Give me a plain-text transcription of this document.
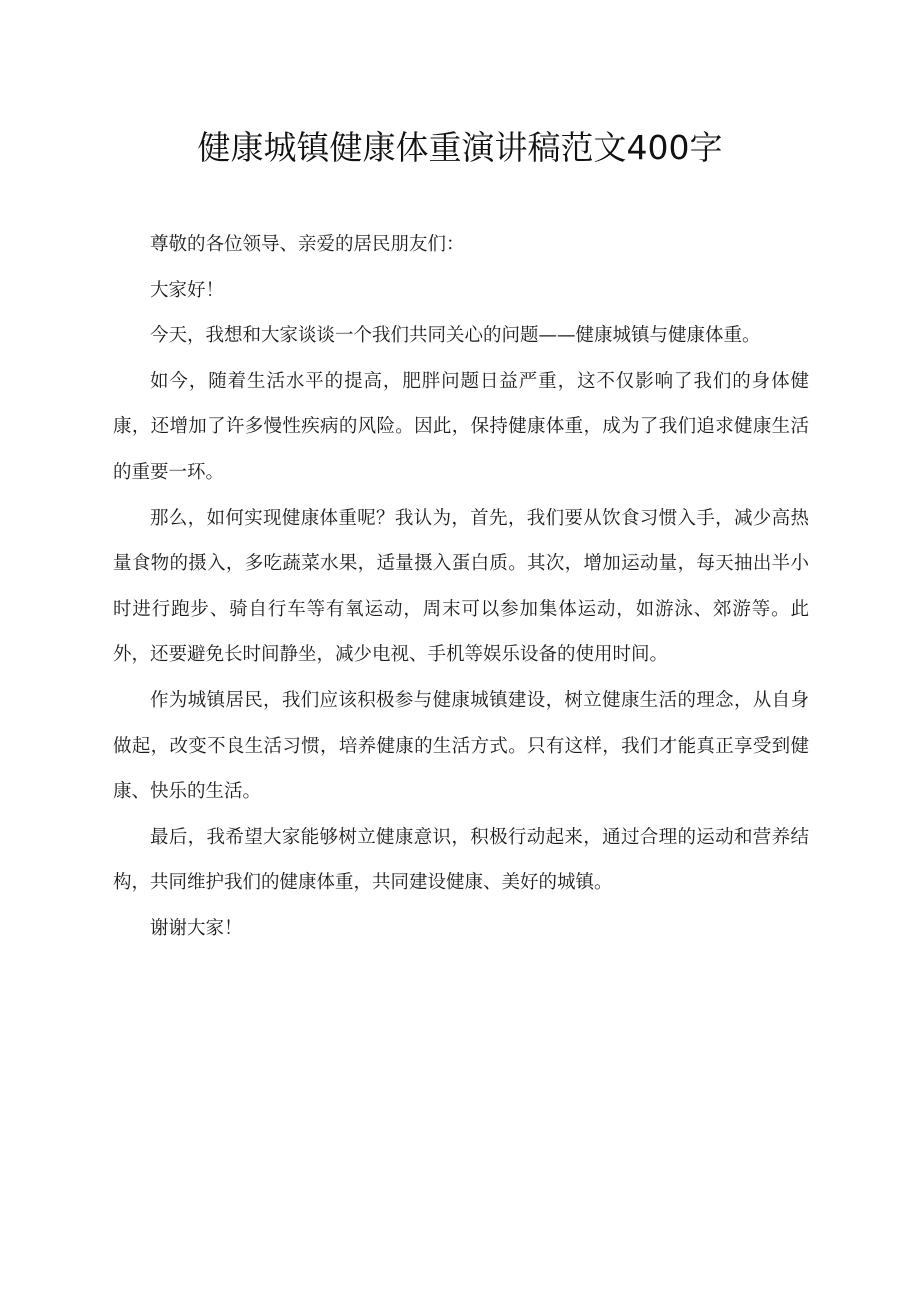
健康城镇健康体重演讲稿范文400字

尊敬的各位领导、亲爱的居民朋友们：

大家好！

今天，我想和大家谈谈一个我们共同关心的问题——健康城镇与健康体重。

如今，随着生活水平的提高，肥胖问题日益严重，这不仅影响了我们的身体健康，还增加了许多慢性疾病的风险。因此，保持健康体重，成为了我们追求健康生活的重要一环。

那么，如何实现健康体重呢？我认为，首先，我们要从饮食习惯入手，减少高热量食物的摄入，多吃蔬菜水果，适量摄入蛋白质。其次，增加运动量，每天抽出半小时进行跑步、骑自行车等有氧运动，周末可以参加集体运动，如游泳、郊游等。此外，还要避免长时间静坐，减少电视、手机等娱乐设备的使用时间。

作为城镇居民，我们应该积极参与健康城镇建设，树立健康生活的理念，从自身做起，改变不良生活习惯，培养健康的生活方式。只有这样，我们才能真正享受到健康、快乐的生活。

最后，我希望大家能够树立健康意识，积极行动起来，通过合理的运动和营养结构，共同维护我们的健康体重，共同建设健康、美好的城镇。

谢谢大家！
